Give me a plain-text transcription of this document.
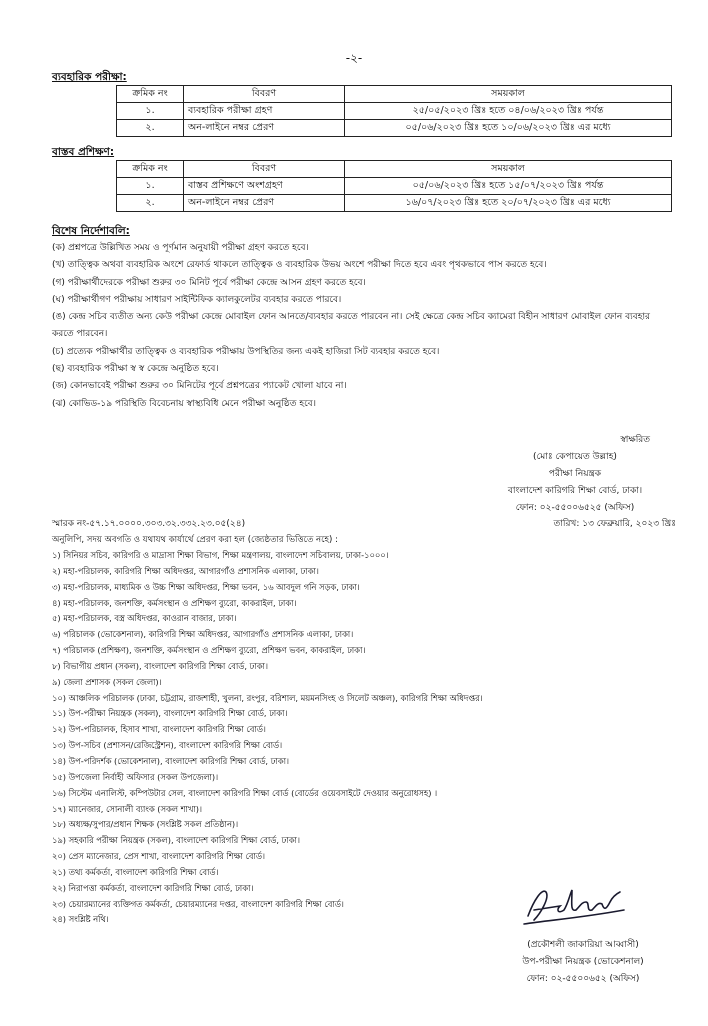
-২-
ব্যবহারিক পরীক্ষা:
ক্রমিক নং	বিবরণ	সময়কাল
১.	ব্যবহারিক পরীক্ষা গ্রহণ	২৫/০৫/২০২৩ খ্রিঃ হতে ০৪/০৬/২০২৩ খ্রিঃ পর্যন্ত
২.	অন-লাইনে নম্বর প্রেরণ	০৫/০৬/২০২৩ খ্রিঃ হতে ১০/০৬/২০২৩ খ্রিঃ এর মধ্যে
বাস্তব প্রশিক্ষণ:
ক্রমিক নং	বিবরণ	সময়কাল
১.	বাস্তব প্রশিক্ষণে অংশগ্রহণ	০৫/০৬/২০২৩ খ্রিঃ হতে ১৫/০৭/২০২৩ খ্রিঃ পর্যন্ত
২.	অন-লাইনে নম্বর প্রেরণ	১৬/০৭/২০২৩ খ্রিঃ হতে ২০/০৭/২০২৩ খ্রিঃ এর মধ্যে
বিশেষ নির্দেশাবলি:
(ক) প্রশ্নপত্রে উল্লিখিত সময় ও পূর্ণমান অনুযায়ী পরীক্ষা গ্রহণ করতে হবে।
(খ) তাত্ত্বিক অথবা ব্যবহারিক অংশে রেফার্ড থাকলে তাত্ত্বিক ও ব্যবহারিক উভয় অংশে পরীক্ষা দিতে হবে এবং পৃথকভাবে পাস করতে হবে।
(গ) পরীক্ষার্থীদেরকে পরীক্ষা শুরুর ৩০ মিনিট পূর্বে পরীক্ষা কেন্দ্রে আসন গ্রহণ করতে হবে।
(ঘ) পরীক্ষার্থীগণ পরীক্ষায় সাধারণ সাইন্টিফিক ক্যালকুলেটর ব্যবহার করতে পারবে।
(ঙ) কেন্দ্র সচিব ব্যতীত অন্য কেউ পরীক্ষা কেন্দ্রে মোবাইল ফোন আনতে/ব্যবহার করতে পারবেন না। সেই ক্ষেত্রে কেন্দ্র সচিব ক্যামেরা বিহীন সাধারণ মোবাইল ফোন ব্যবহার করতে পারবেন।
(চ) প্রত্যেক পরীক্ষার্থীর তাত্ত্বিক ও ব্যবহারিক পরীক্ষায় উপস্থিতির জন্য একই হাজিরা সিট ব্যবহার করতে হবে।
(ছ) ব্যবহারিক পরীক্ষা স্ব স্ব কেন্দ্রে অনুষ্ঠিত হবে।
(জ) কোনভাবেই পরীক্ষা শুরুর ৩০ মিনিটের পূর্বে প্রশ্নপত্রের প্যাকেট খোলা যাবে না।
(ঝ) কোভিড-১৯ পরিস্থিতি বিবেচনায় স্বাস্থ্যবিধি মেনে পরীক্ষা অনুষ্ঠিত হবে।
স্বাক্ষরিত
(মোঃ কেপায়েত উল্লাহ)
পরীক্ষা নিয়ন্ত্রক
বাংলাদেশ কারিগরি শিক্ষা বোর্ড, ঢাকা।
ফোন: ০২-৫৫০০৬৫২৫ (অফিস)
স্মারক নং-৫৭.১৭.০০০০.৩০৩.৩২.৩৩২.২৩.০৫(২৪)	তারিখ: ১৩ ফেব্রুয়ারি, ২০২৩ খ্রিঃ
অনুলিপি, সদয় অবগতি ও যথাযথ কার্যার্থে প্রেরণ করা হল (জ্যেষ্ঠতার ভিত্তিতে নহে) :
১) সিনিয়র সচিব, কারিগরি ও মাদ্রাসা শিক্ষা বিভাগ, শিক্ষা মন্ত্রণালয়, বাংলাদেশ সচিবালয়, ঢাকা-১০০০।
২) মহা-পরিচালক, কারিগরি শিক্ষা অধিদপ্তর, আগারগাঁও প্রশাসনিক এলাকা, ঢাকা।
৩) মহা-পরিচালক, মাধ্যমিক ও উচ্চ শিক্ষা অধিদপ্তর, শিক্ষা ভবন, ১৬ আবদুল গনি সড়ক, ঢাকা।
৪) মহা-পরিচালক, জনশক্তি, কর্মসংস্থান ও প্রশিক্ষণ ব্যুরো, কাকরাইল, ঢাকা।
৫) মহা-পরিচালক, বস্ত্র অধিদপ্তর, কাওরান বাজার, ঢাকা।
৬) পরিচালক (ভোকেশনাল), কারিগরি শিক্ষা অধিদপ্তর, আগারগাঁও প্রশাসনিক এলাকা, ঢাকা।
৭) পরিচালক (প্রশিক্ষণ), জনশক্তি, কর্মসংস্থান ও প্রশিক্ষণ ব্যুরো, প্রশিক্ষণ ভবন, কাকরাইল, ঢাকা।
৮) বিভাগীয় প্রধান (সকল), বাংলাদেশ কারিগরি শিক্ষা বোর্ড, ঢাকা।
৯) জেলা প্রশাসক (সকল জেলা)।
১০) আঞ্চলিক পরিচালক (ঢাকা, চট্টগ্রাম, রাজশাহী, খুলনা, রংপুর, বরিশাল, ময়মনসিংহ ও সিলেট অঞ্চল), কারিগরি শিক্ষা অধিদপ্তর।
১১) উপ-পরীক্ষা নিয়ন্ত্রক (সকল), বাংলাদেশ কারিগরি শিক্ষা বোর্ড, ঢাকা।
১২) উপ-পরিচালক, হিসাব শাখা, বাংলাদেশ কারিগরি শিক্ষা বোর্ড।
১৩) উপ-সচিব (প্রশাসন/রেজিস্ট্রেশন), বাংলাদেশ কারিগরি শিক্ষা বোর্ড।
১৪) উপ-পরিদর্শক (ভোকেশনাল), বাংলাদেশ কারিগরি শিক্ষা বোর্ড, ঢাকা।
১৫) উপজেলা নির্বাহী অফিসার (সকল উপজেলা)।
১৬) সিস্টেম এনালিস্ট, কম্পিউটার সেল, বাংলাদেশ কারিগরি শিক্ষা বোর্ড (বোর্ডের ওয়েবসাইটে দেওয়ার অনুরোধসহ) ।
১৭) ম্যানেজার, সোনালী ব্যাংক (সকল শাখা)।
১৮) অধ্যক্ষ/সুপার/প্রধান শিক্ষক (সংশ্লিষ্ট সকল প্রতিষ্ঠান)।
১৯) সহকারি পরীক্ষা নিয়ন্ত্রক (সকল), বাংলাদেশ কারিগরি শিক্ষা বোর্ড, ঢাকা।
২০) প্রেস ম্যানেজার, প্রেস শাখা, বাংলাদেশ কারিগরি শিক্ষা বোর্ড।
২১) তথ্য কর্মকর্তা, বাংলাদেশ কারিগরি শিক্ষা বোর্ড।
২২) নিরাপত্তা কর্মকর্তা, বাংলাদেশ কারিগরি শিক্ষা বোর্ড, ঢাকা।
২৩) চেয়ারম্যানের ব্যক্তিগত কর্মকর্তা, চেয়ারম্যানের দপ্তর, বাংলাদেশ কারিগরি শিক্ষা বোর্ড।
২৪) সংশ্লিষ্ট নথি।
(প্রকৌশলী জাকারিয়া আব্বাসী)
উপ-পরীক্ষা নিয়ন্ত্রক (ভোকেশনাল)
ফোন: ০২-৫৫০০৬৫২ (অফিস)
